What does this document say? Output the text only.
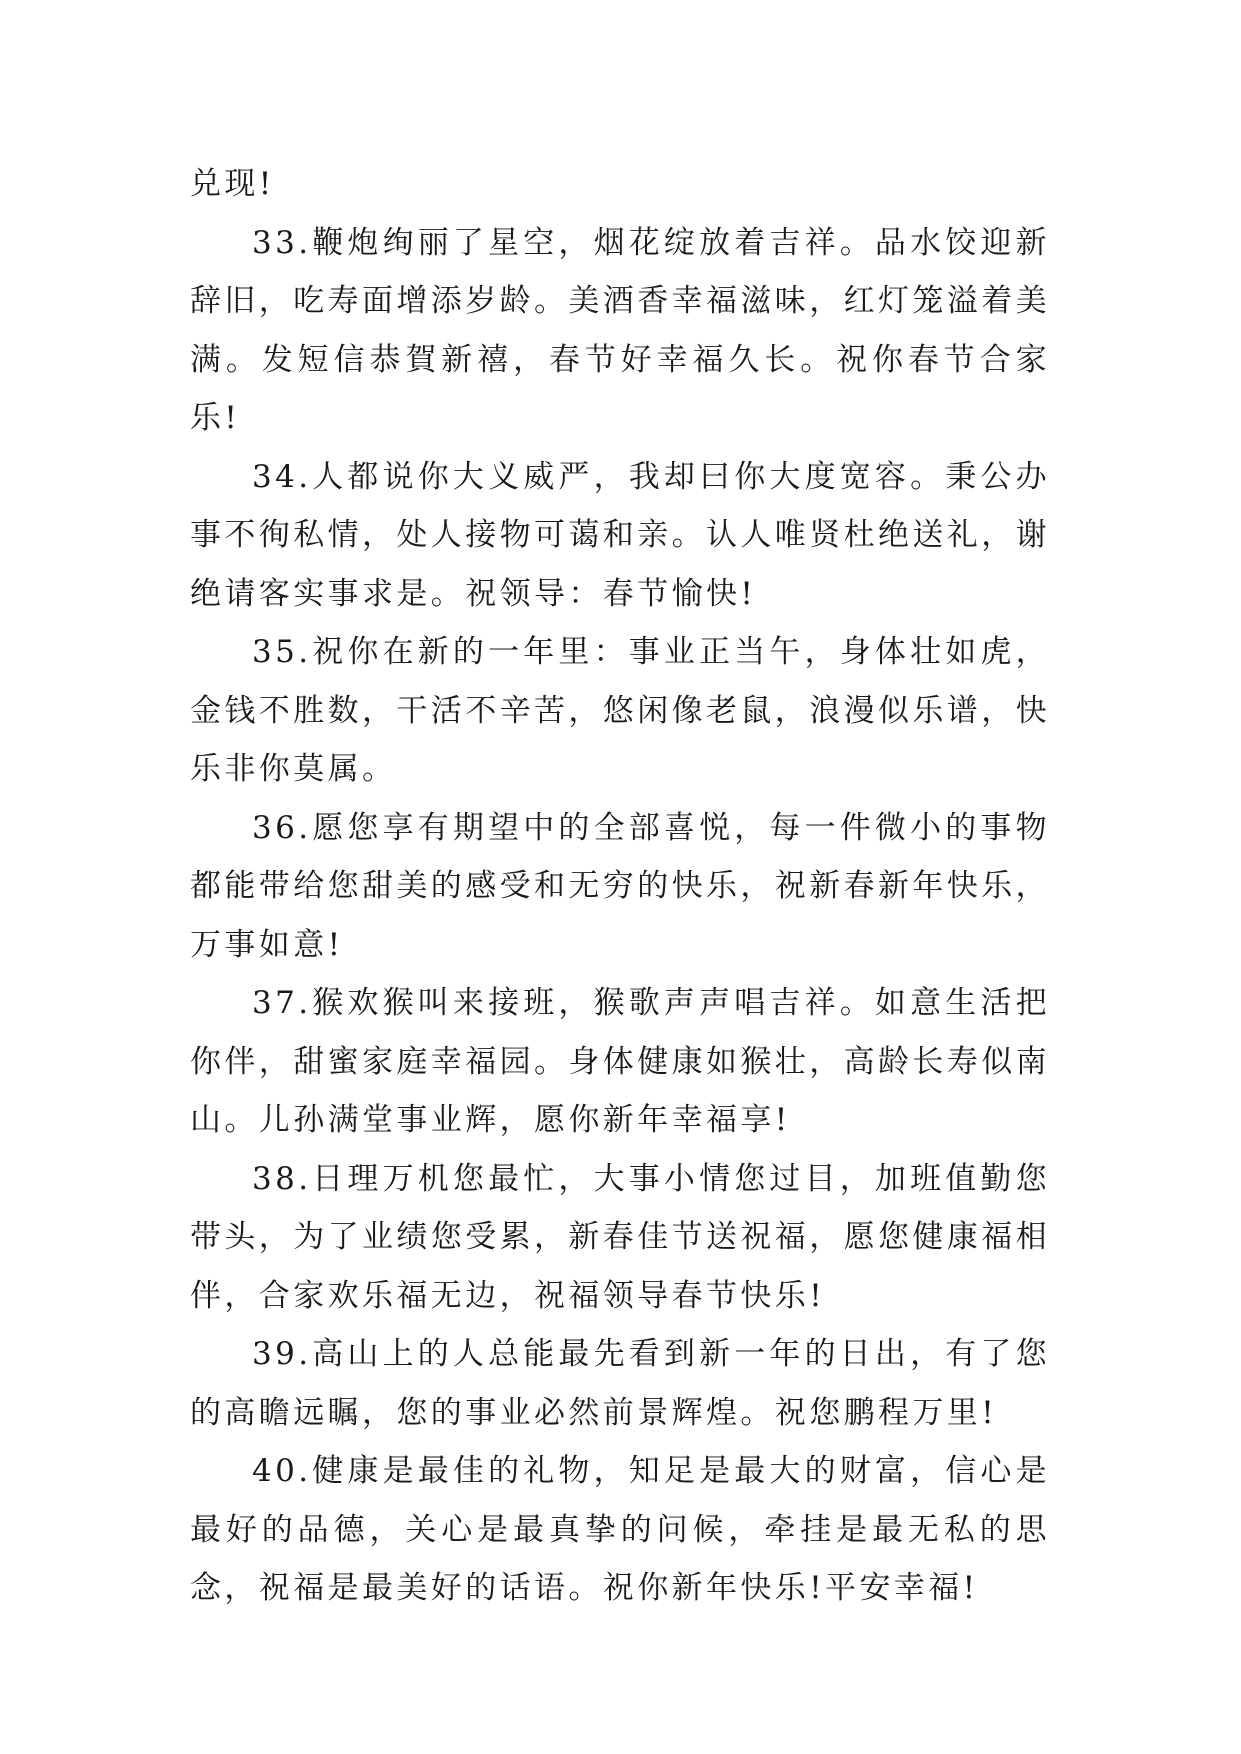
兑现!

33.鞭炮绚丽了星空，烟花绽放着吉祥。品水饺迎新辞旧，吃寿面增添岁龄。美酒香幸福滋味，红灯笼溢着美满。发短信恭賀新禧，春节好幸福久长。祝你春节合家乐!

34.人都说你大义威严，我却曰你大度宽容。秉公办事不徇私情，处人接物可蔼和亲。认人唯贤杜绝送礼，谢绝请客实事求是。祝领导：春节愉快!

35.祝你在新的一年里：事业正当午，身体壮如虎，金钱不胜数，干活不辛苦，悠闲像老鼠，浪漫似乐谱，快乐非你莫属。

36.愿您享有期望中的全部喜悦，每一件微小的事物都能带给您甜美的感受和无穷的快乐，祝新春新年快乐，万事如意!

37.猴欢猴叫来接班，猴歌声声唱吉祥。如意生活把你伴，甜蜜家庭幸福园。身体健康如猴壮，高龄长寿似南山。儿孙满堂事业辉，愿你新年幸福享!

38.日理万机您最忙，大事小情您过目，加班值勤您带头，为了业绩您受累，新春佳节送祝福，愿您健康福相伴，合家欢乐福无边，祝福领导春节快乐!

39.高山上的人总能最先看到新一年的日出，有了您的高瞻远瞩，您的事业必然前景辉煌。祝您鹏程万里!

40.健康是最佳的礼物，知足是最大的财富，信心是最好的品德，关心是最真挚的问候，牵挂是最无私的思念，祝福是最美好的话语。祝你新年快乐!平安幸福!
